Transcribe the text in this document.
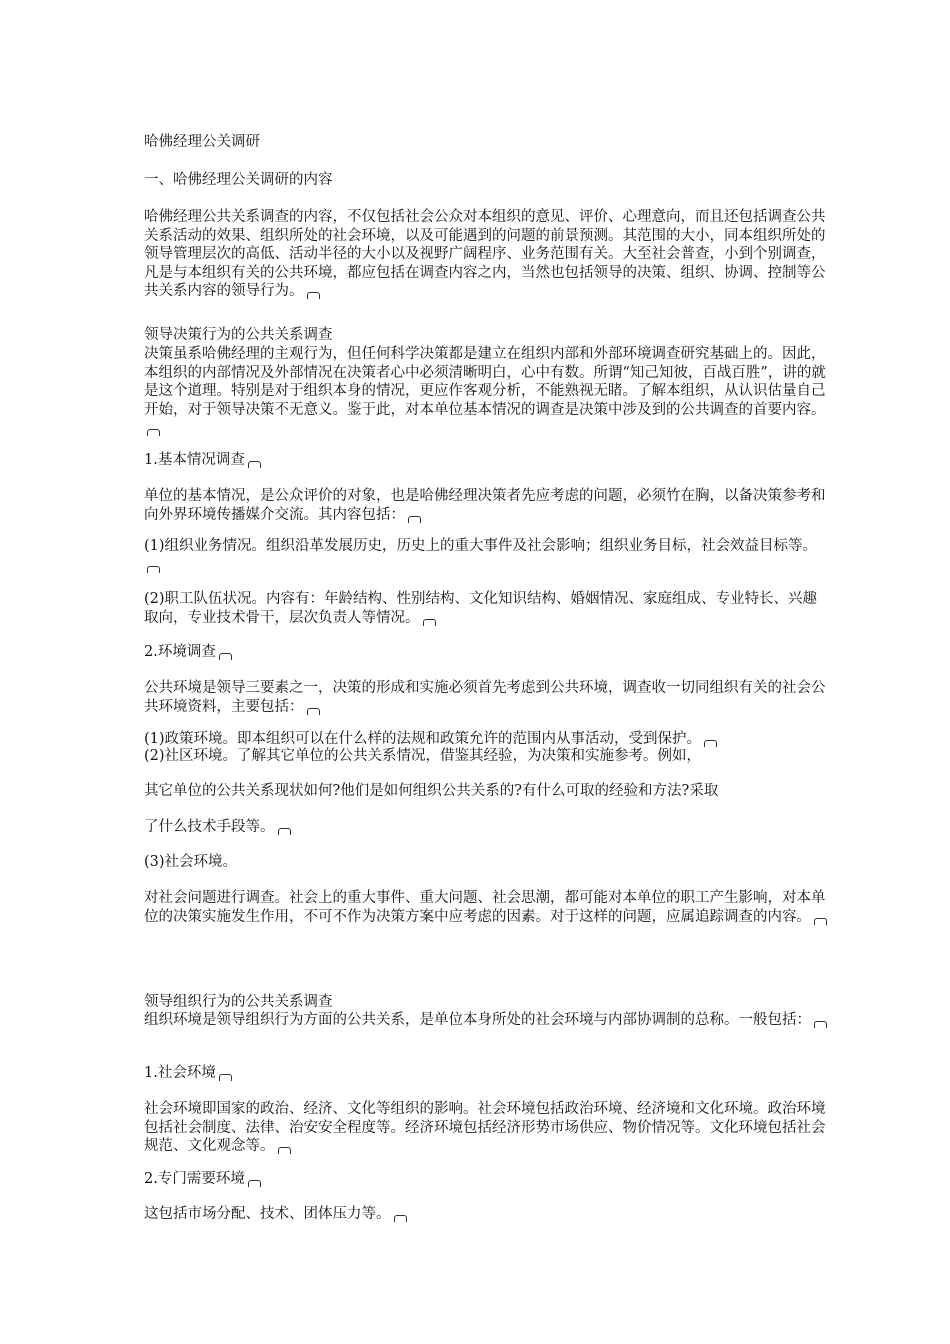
哈佛经理公关调研

一、哈佛经理公关调研的内容

哈佛经理公共关系调查的内容，不仅包括社会公众对本组织的意见、评价、心理意向，而且还包括调查公共关系活动的效果、组织所处的社会环境，以及可能遇到的问题的前景预测。其范围的大小，同本组织所处的领导管理层次的高低、活动半径的大小以及视野广阔程序、业务范围有关。大至社会普查，小到个别调查，凡是与本组织有关的公共环境，都应包括在调查内容之内，当然也包括领导的决策、组织、协调、控制等公共关系内容的领导行为。

领导决策行为的公共关系调查

决策虽系哈佛经理的主观行为，但任何科学决策都是建立在组织内部和外部环境调查研究基础上的。因此，本组织的内部情况及外部情况在决策者心中必须清晰明白，心中有数。所谓“知己知彼，百战百胜”，讲的就是这个道理。特别是对于组织本身的情况，更应作客观分析，不能熟视无睹。了解本组织，从认识估量自己开始，对于领导决策不无意义。鉴于此，对本单位基本情况的调查是决策中涉及到的公共调查的首要内容。

1.基本情况调查

单位的基本情况，是公众评价的对象，也是哈佛经理决策者先应考虑的问题，必须竹在胸，以备决策参考和向外界环境传播媒介交流。其内容包括：

(1)组织业务情况。组织沿革发展历史，历史上的重大事件及社会影响；组织业务目标，社会效益目标等。

(2)职工队伍状况。内容有：年龄结构、性别结构、文化知识结构、婚姻情况、家庭组成、专业特长、兴趣取向，专业技术骨干，层次负责人等情况。

2.环境调查

公共环境是领导三要素之一，决策的形成和实施必须首先考虑到公共环境，调查收一切同组织有关的社会公共环境资料，主要包括：

(1)政策环境。即本组织可以在什么样的法规和政策允许的范围内从事活动，受到保护。

(2)社区环境。了解其它单位的公共关系情况，借鉴其经验，为决策和实施参考。例如，

其它单位的公共关系现状如何?他们是如何组织公共关系的?有什么可取的经验和方法?采取

了什么技术手段等。

(3)社会环境。

对社会问题进行调查。社会上的重大事件、重大问题、社会思潮，都可能对本单位的职工产生影响，对本单位的决策实施发生作用，不可不作为决策方案中应考虑的因素。对于这样的问题，应属追踪调查的内容。

领导组织行为的公共关系调查

组织环境是领导组织行为方面的公共关系，是单位本身所处的社会环境与内部协调制的总称。一般包括：

1.社会环境

社会环境即国家的政治、经济、文化等组织的影响。社会环境包括政治环境、经济境和文化环境。政治环境包括社会制度、法律、治安安全程度等。经济环境包括经济形势市场供应、物价情况等。文化环境包括社会规范、文化观念等。

2.专门需要环境

这包括市场分配、技术、团体压力等。
